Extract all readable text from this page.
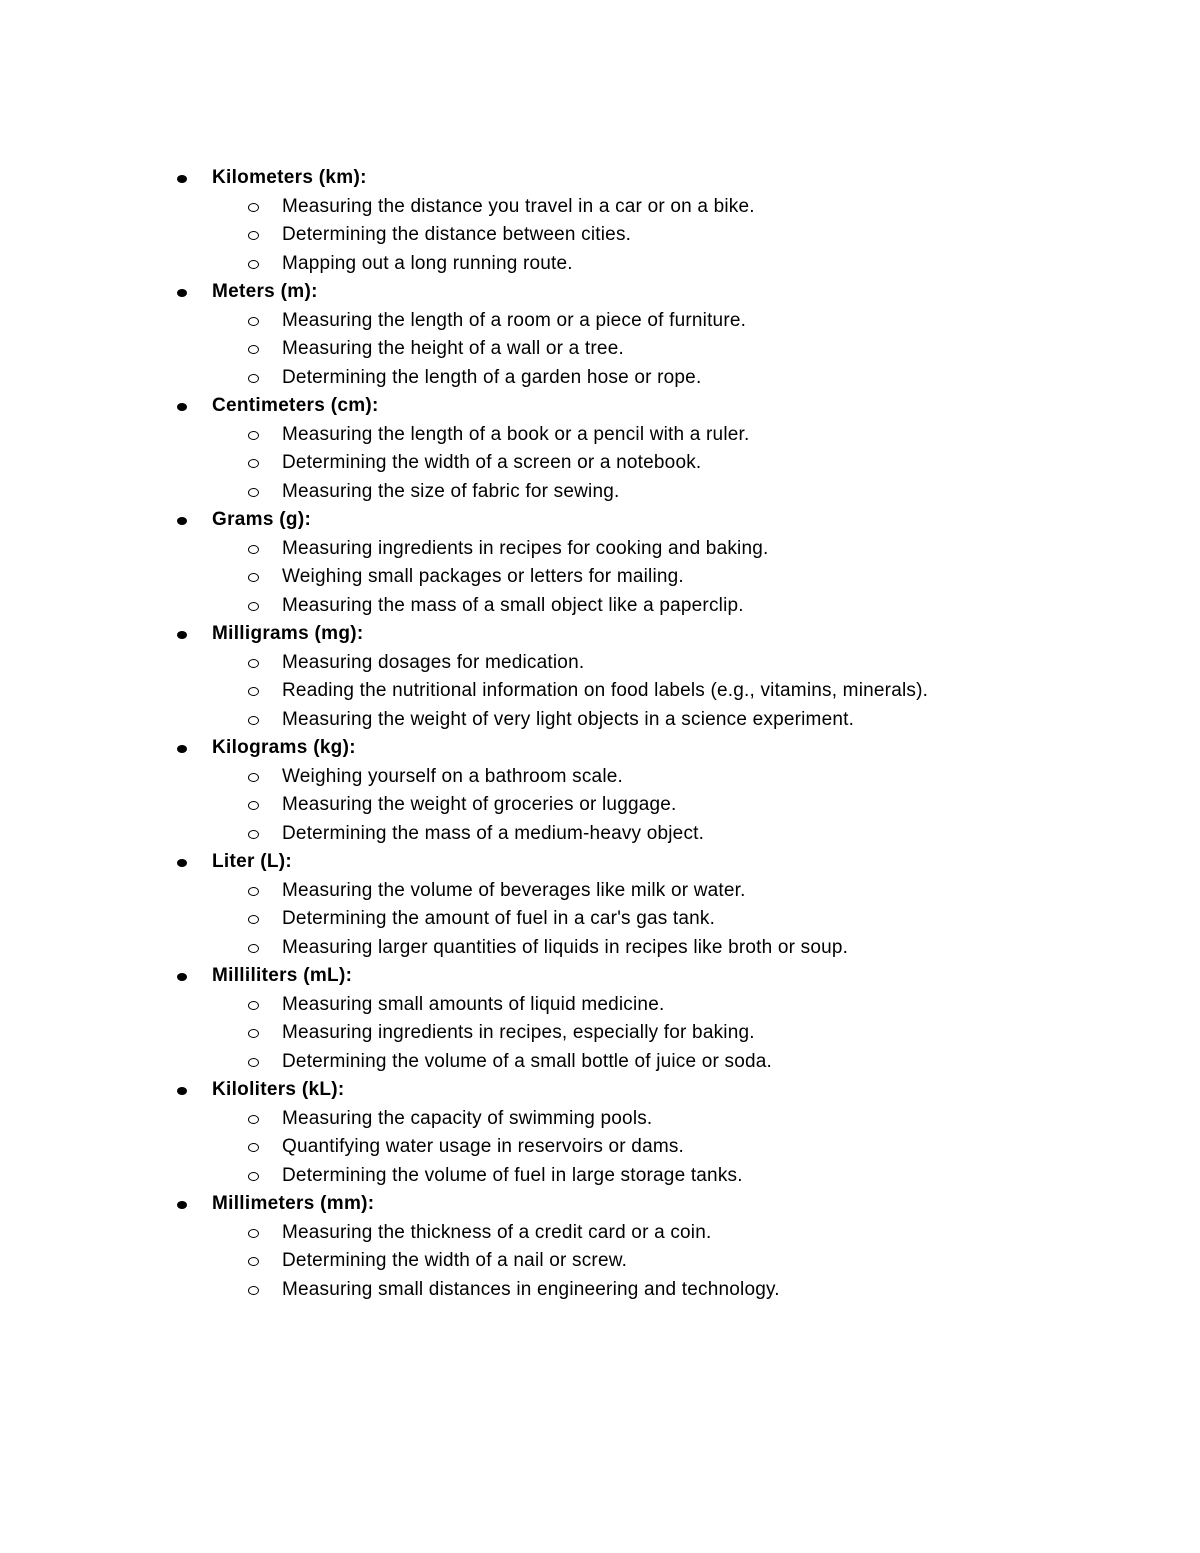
Kilometers (km):
Measuring the distance you travel in a car or on a bike.
Determining the distance between cities.
Mapping out a long running route.
Meters (m):
Measuring the length of a room or a piece of furniture.
Measuring the height of a wall or a tree.
Determining the length of a garden hose or rope.
Centimeters (cm):
Measuring the length of a book or a pencil with a ruler.
Determining the width of a screen or a notebook.
Measuring the size of fabric for sewing.
Grams (g):
Measuring ingredients in recipes for cooking and baking.
Weighing small packages or letters for mailing.
Measuring the mass of a small object like a paperclip.
Milligrams (mg):
Measuring dosages for medication.
Reading the nutritional information on food labels (e.g., vitamins, minerals).
Measuring the weight of very light objects in a science experiment.
Kilograms (kg):
Weighing yourself on a bathroom scale.
Measuring the weight of groceries or luggage.
Determining the mass of a medium-heavy object.
Liter (L):
Measuring the volume of beverages like milk or water.
Determining the amount of fuel in a car's gas tank.
Measuring larger quantities of liquids in recipes like broth or soup.
Milliliters (mL):
Measuring small amounts of liquid medicine.
Measuring ingredients in recipes, especially for baking.
Determining the volume of a small bottle of juice or soda.
Kiloliters (kL):
Measuring the capacity of swimming pools.
Quantifying water usage in reservoirs or dams.
Determining the volume of fuel in large storage tanks.
Millimeters (mm):
Measuring the thickness of a credit card or a coin.
Determining the width of a nail or screw.
Measuring small distances in engineering and technology.
